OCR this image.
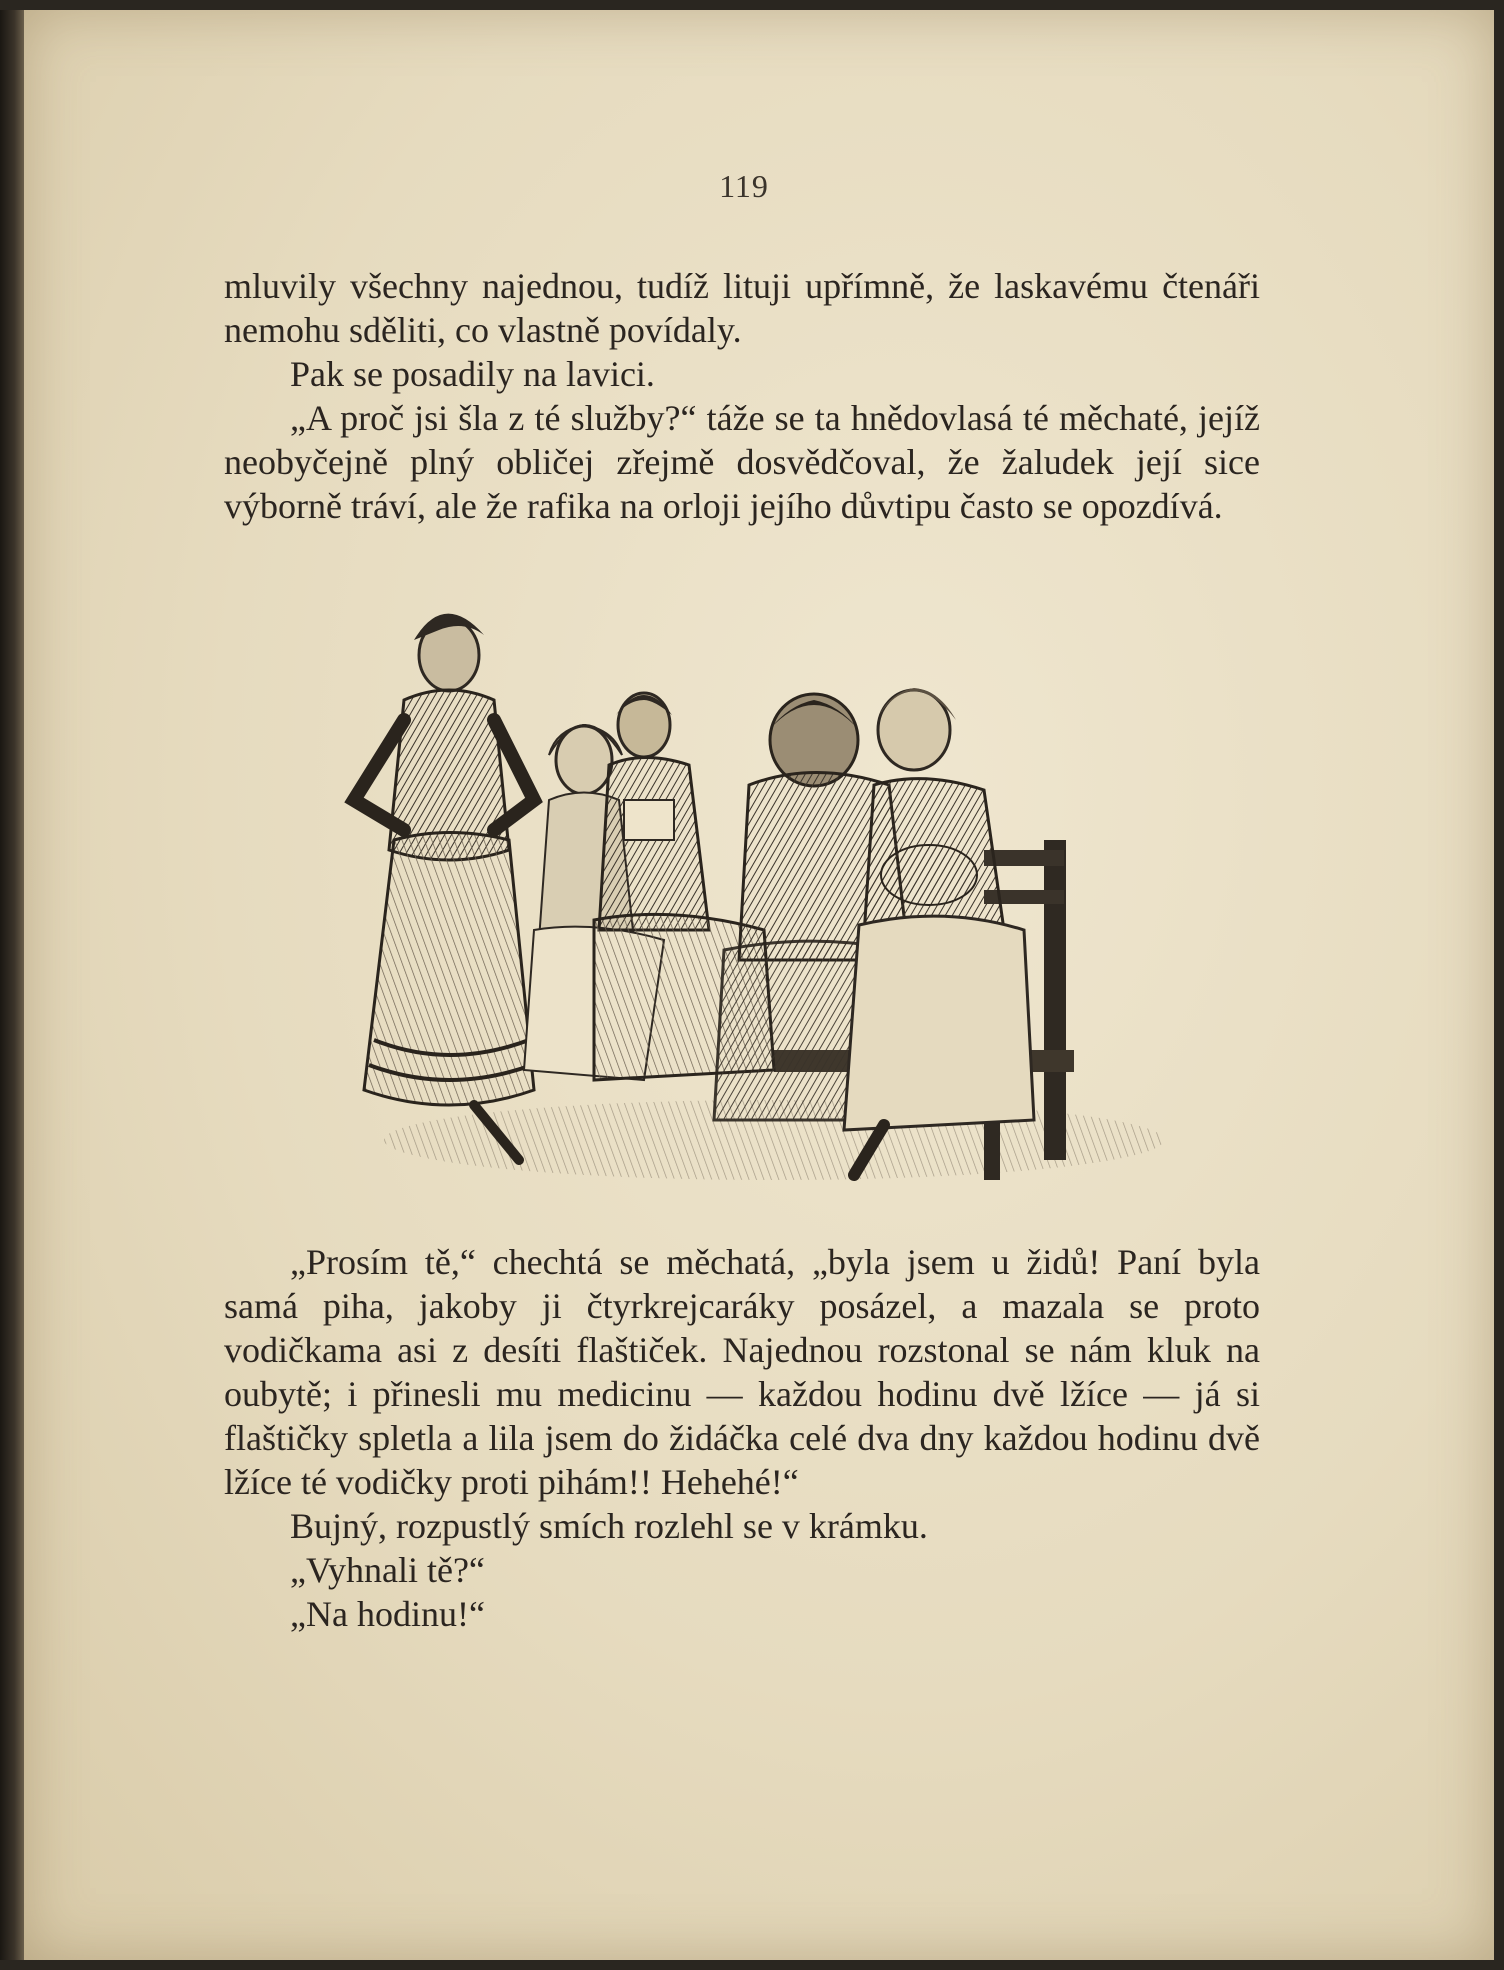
119

mluvily všechny najednou, tudíž lituji upřímně, že laskavému čtenáři nemohu sděliti, co vlastně povídaly.

Pak se posadily na lavici.

„A proč jsi šla z té služby?“ táže se ta hnědovlasá té měchaté, jejíž neobyčejně plný obličej zřejmě dosvědčoval, že žaludek její sice výborně tráví, ale že rafika na orloji jejího důvtipu často se opozdívá.

„Prosím tě,“ chechtá se měchatá, „byla jsem u židů! Paní byla samá piha, jakoby ji čtyrkrejcaráky posázel, a mazala se proto vodičkama asi z desíti flaštiček. Najednou rozstonal se nám kluk na oubytě; i přinesli mu medicinu — každou hodinu dvě lžíce — já si flaštičky spletla a lila jsem do židáčka celé dva dny každou hodinu dvě lžíce té vodičky proti pihám!! Hehehé!“

Bujný, rozpustlý smích rozlehl se v krámku.

„Vyhnali tě?“

„Na hodinu!“
